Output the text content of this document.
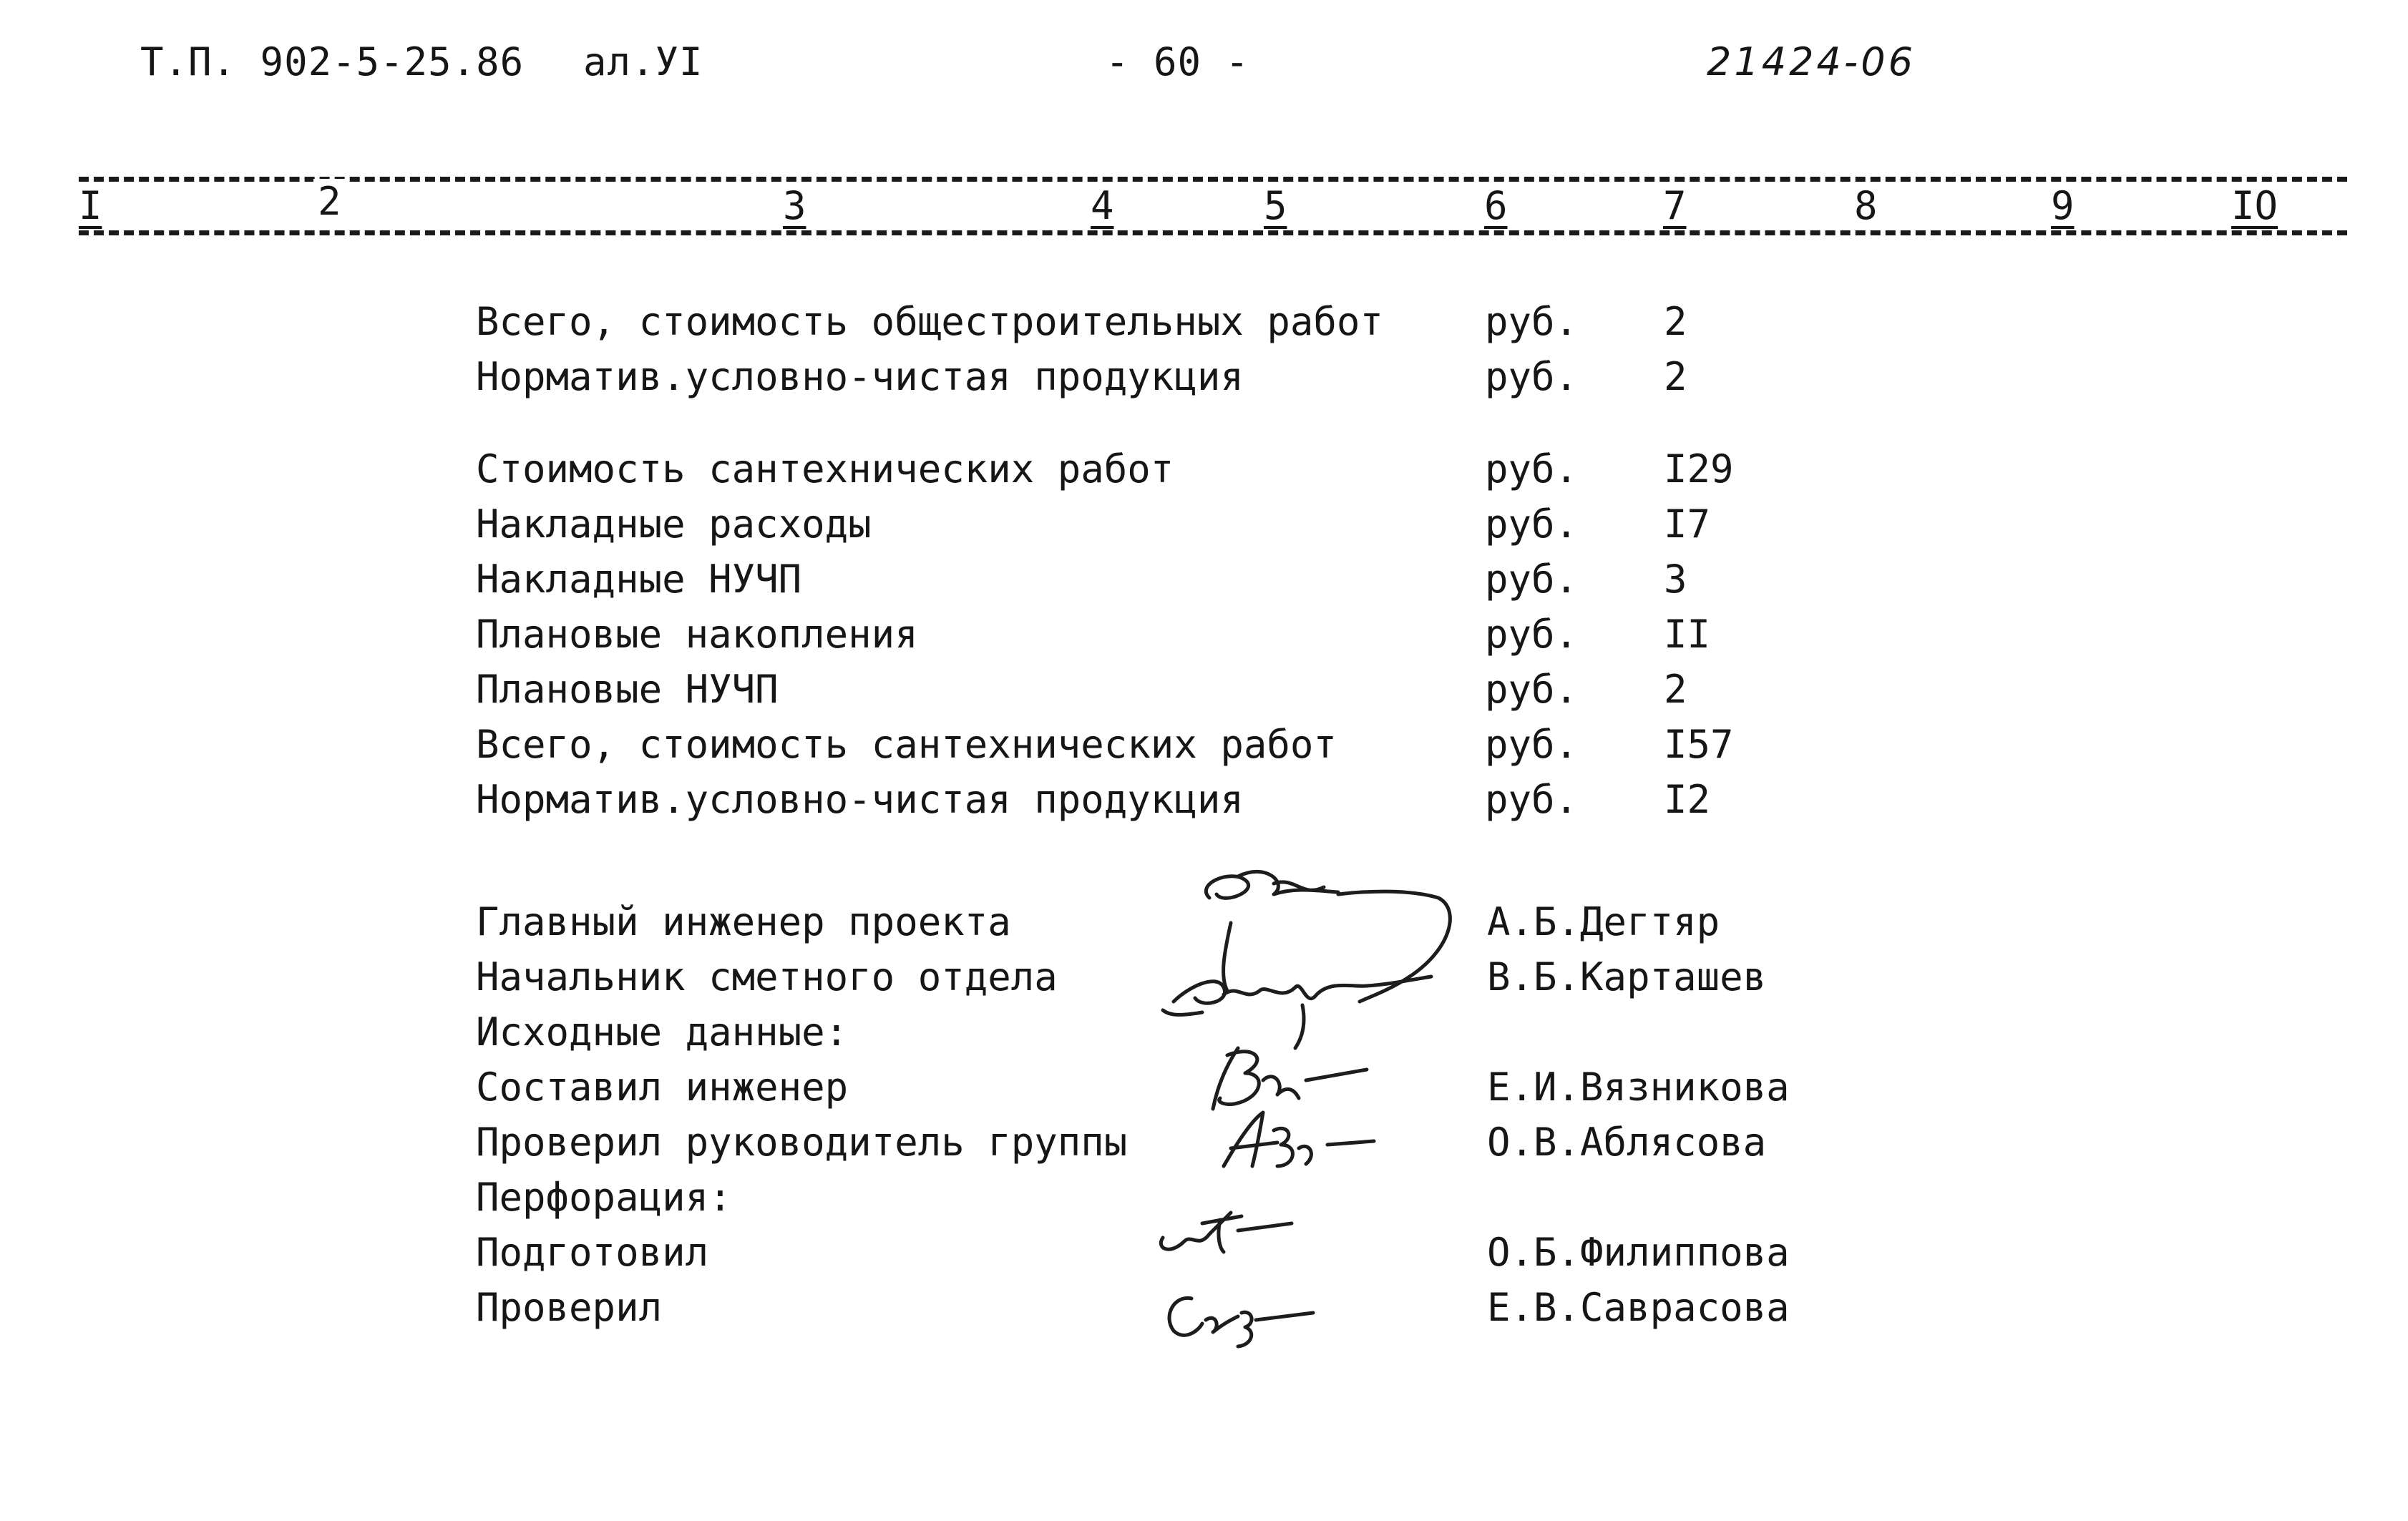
Т.П. 902-5-25.86 ал.УI	- 60 -	21424-06
I	2	3	4	5	6	7	8	9	IO
Всего, стоимость общестроительных работ	руб. 2
Норматив.условно-чистая продукция	руб. 2
Стоимость сантехнических работ	руб. I29
Накладные расходы	руб. I7
Накладные НУЧП	руб. 3
Плановые накопления	руб. II
Плановые НУЧП	руб. 2
Всего, стоимость сантехнических работ	руб. I57
Норматив.условно-чистая продукция	руб. I2
Главный инженер проекта	А.Б.Дегтяр
Начальник сметного отдела	В.Б.Карташев
Исходные данные:
Составил инженер	Е.И.Вязникова
Проверил руководитель группы	О.В.Аблясова
Перфорация:
Подготовил	О.Б.Филиппова
Проверил	Е.В.Саврасова
